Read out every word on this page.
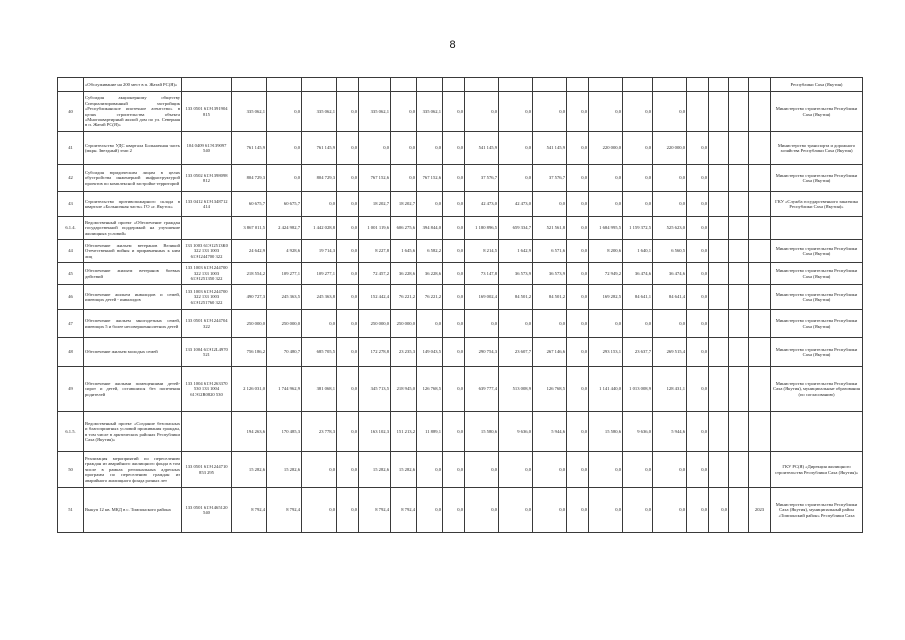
8
	«Обслуживание на 200 мест в п. Жатай РС(Я)»																					Республики Саха (Якутия)
40	Субсидия акционерному обществу Специализированный застройщик «Республиканское ипотечное агентство» в целях строительства объекта «Многоквартирный жилой дом по ул. Северная в п. Жатай РС(Я)»	133 0501 61Э1391904 815	335 062,1	0,0	335 062,1	0,0	335 062,1	0,0	335 062,1	0,0	0,0	0,0	0,0	0,0	0,0	0,0	0,0					Министерство строительства Республики Саха (Якутия)
41	Строительство УДС квартала Больничная часть (мкрн. Звездный) этап 2	104 0409 61Э139097 540	761 145,9	0,0	761 145,9	0,0	0,0	0,0	0,0	0,0	541 145,9	0,0	541 145,9	0,0	220 000,0	0,0	220 000,0	0,0				Министерство транспорта и дорожного хозяйства Республики Саха (Якутия)
42	Субсидия юридическим лицам в целях обустройства инженерной инфраструктурой проектов по комплексной застройке территорий	133 0502 61Э1398098 812	804 729,3	0,0	804 729,3	0,0	767 152,6	0,0	767 152,6	0,0	37 576,7	0,0	37 576,7	0,0	0,0	0,0	0,0	0,0				Министерство строительства Республики Саха (Якутия)
43	Строительство противопожарного склада в квартале «Больничная часть» ГО «г. Якутск»	133 0412 61Э1348712 414	60 675,7	60 675,7	0,0	0,0	18 202,7	18 202,7	0,0	0,0	42 473,0	42 473,0	0,0	0,0	0,0	0,0	0,0	0,0				ГКУ «Служба государственного заказчика Республики Саха (Якутия)»
6.1.4.	Ведомственный проект «Обеспечение граждан государственной поддержкой на улучшение жилищных условий»		3 867 011,5	2 424 982,7	1 442 028,8	0,0	1 001 119,6	606 275,6	394 844,0	0,0	1 180 896,5	659 334,7	521 561,8	0,0	1 684 995,5	1 159 372,5	525 623,0	0,0				
44	Обеспечение жильем ветеранов Великой Отечественной войны и приравненных к ним лиц	133 1003 61Э12513К0 322 133 1003 61Э1244700 322	24 642,9	4 928,6	19 714,3	0,0	8 227,8	1 645,6	6 582,2	0,0	8 214,5	1 642,9	6 571,6	0,0	8 200,6	1 640,1	6 560,5	0,0				Министерство строительства Республики Саха (Якутия)
45	Обеспечение жильем ветеранов боевых действий	133 1003 61Э1244700 322 133 1003 61Э1251350 322	218 554,2	109 277,1	109 277,1	0,0	72 457,2	36 228,6	36 228,6	0,0	73 147,8	36 573,9	36 573,9	0,0	72 949,2	36 474,6	36 474,6	0,0				Министерство строительства Республики Саха (Якутия)
46	Обеспечение жильем инвалидов и семей, имеющих детей - инвалидов	133 1003 61Э1244700 322 133 1003 61Э1251760 322	490 727,3	245 363,5	245 363,8	0,0	152 442,4	76 221,2	76 221,2	0,0	169 002,4	84 501,2	84 501,2	0,0	169 282,5	84 641,1	84 641,4	0,0				Министерство строительства Республики Саха (Якутия)
47	Обеспечение жильем многодетных семей, имеющих 5 и более несовершеннолетних детей	133 0501 61Э1244704 322	250 000,0	250 000,0	0,0	0,0	250 000,0	250 000,0	0,0	0,0	0,0	0,0	0,0	0,0	0,0	0,0	0,0	0,0				Министерство строительства Республики Саха (Якутия)
48	Обеспечение жильем молодых семей	133 1004 61Э12L4970 521	756 186,2	70 480,7	685 705,5	0,0	172 278,8	23 235,3	149 043,5	0,0	290 754,3	23 607,7	267 146,6	0,0	293 153,1	23 637,7	269 515,4	0,0				Министерство строительства Республики Саха (Якутия)
49	Обеспечение жилыми помещениями детей-сирот и детей, оставшихся без попечения родителей	133 1004 61Э1263370 530 133 1004 61Э12R0820 530	2 126 031,0	1 744 962,9	381 068,1	0,0	345 713,5	218 945,0	126 768,5	0,0	639 777,4	513 008,9	126 768,5	0,0	1 141 440,0	1 013 008,9	128 431,1	0,0				Министерство строительства Республики Саха (Якутия), муниципальные образования (по согласованию)
6.1.5.	Ведомственный проект «Создание безопасных и благоприятных условий проживания граждан, в том числе в арктических районах Республики Саха (Якутия)»		194 263,6	170 485,3	23 778,3	0,0	163 102,3	151 213,2	11 889,1	0,0	15 580,6	9 636,0	5 944,6	0,0	15 580,6	9 636,0	5 944,6	0,0				
50	Реализация мероприятий по переселению граждан из аварийного жилищного фонда в том числе в рамках региональных адресных программ по переселению граждан из аварийного жилищного фонда разных лет	133 0501 61Э1244710 853 295	15 282,6	15 282,6	0,0	0,0	15 282,6	15 282,6	0,0	0,0	0,0	0,0	0,0	0,0	0,0	0,0	0,0	0,0				ГКУ РС(Я) «Дирекция жилищного строительства Республики Саха (Якутия)»
51	Выкуп 12 кв. МКД в с. Томпонского района	133 0501 61Э1465120 540	8 792,4	8 792,4	0,0	0,0	8 792,4	8 792,4	0,0	0,0	0,0	0,0	0,0	0,0	0,0	0,0	0,0	0,0	0,0		2023	Министерство строительства Республики Саха (Якутия), муниципальный район «Томпонский район» Республики Саха
